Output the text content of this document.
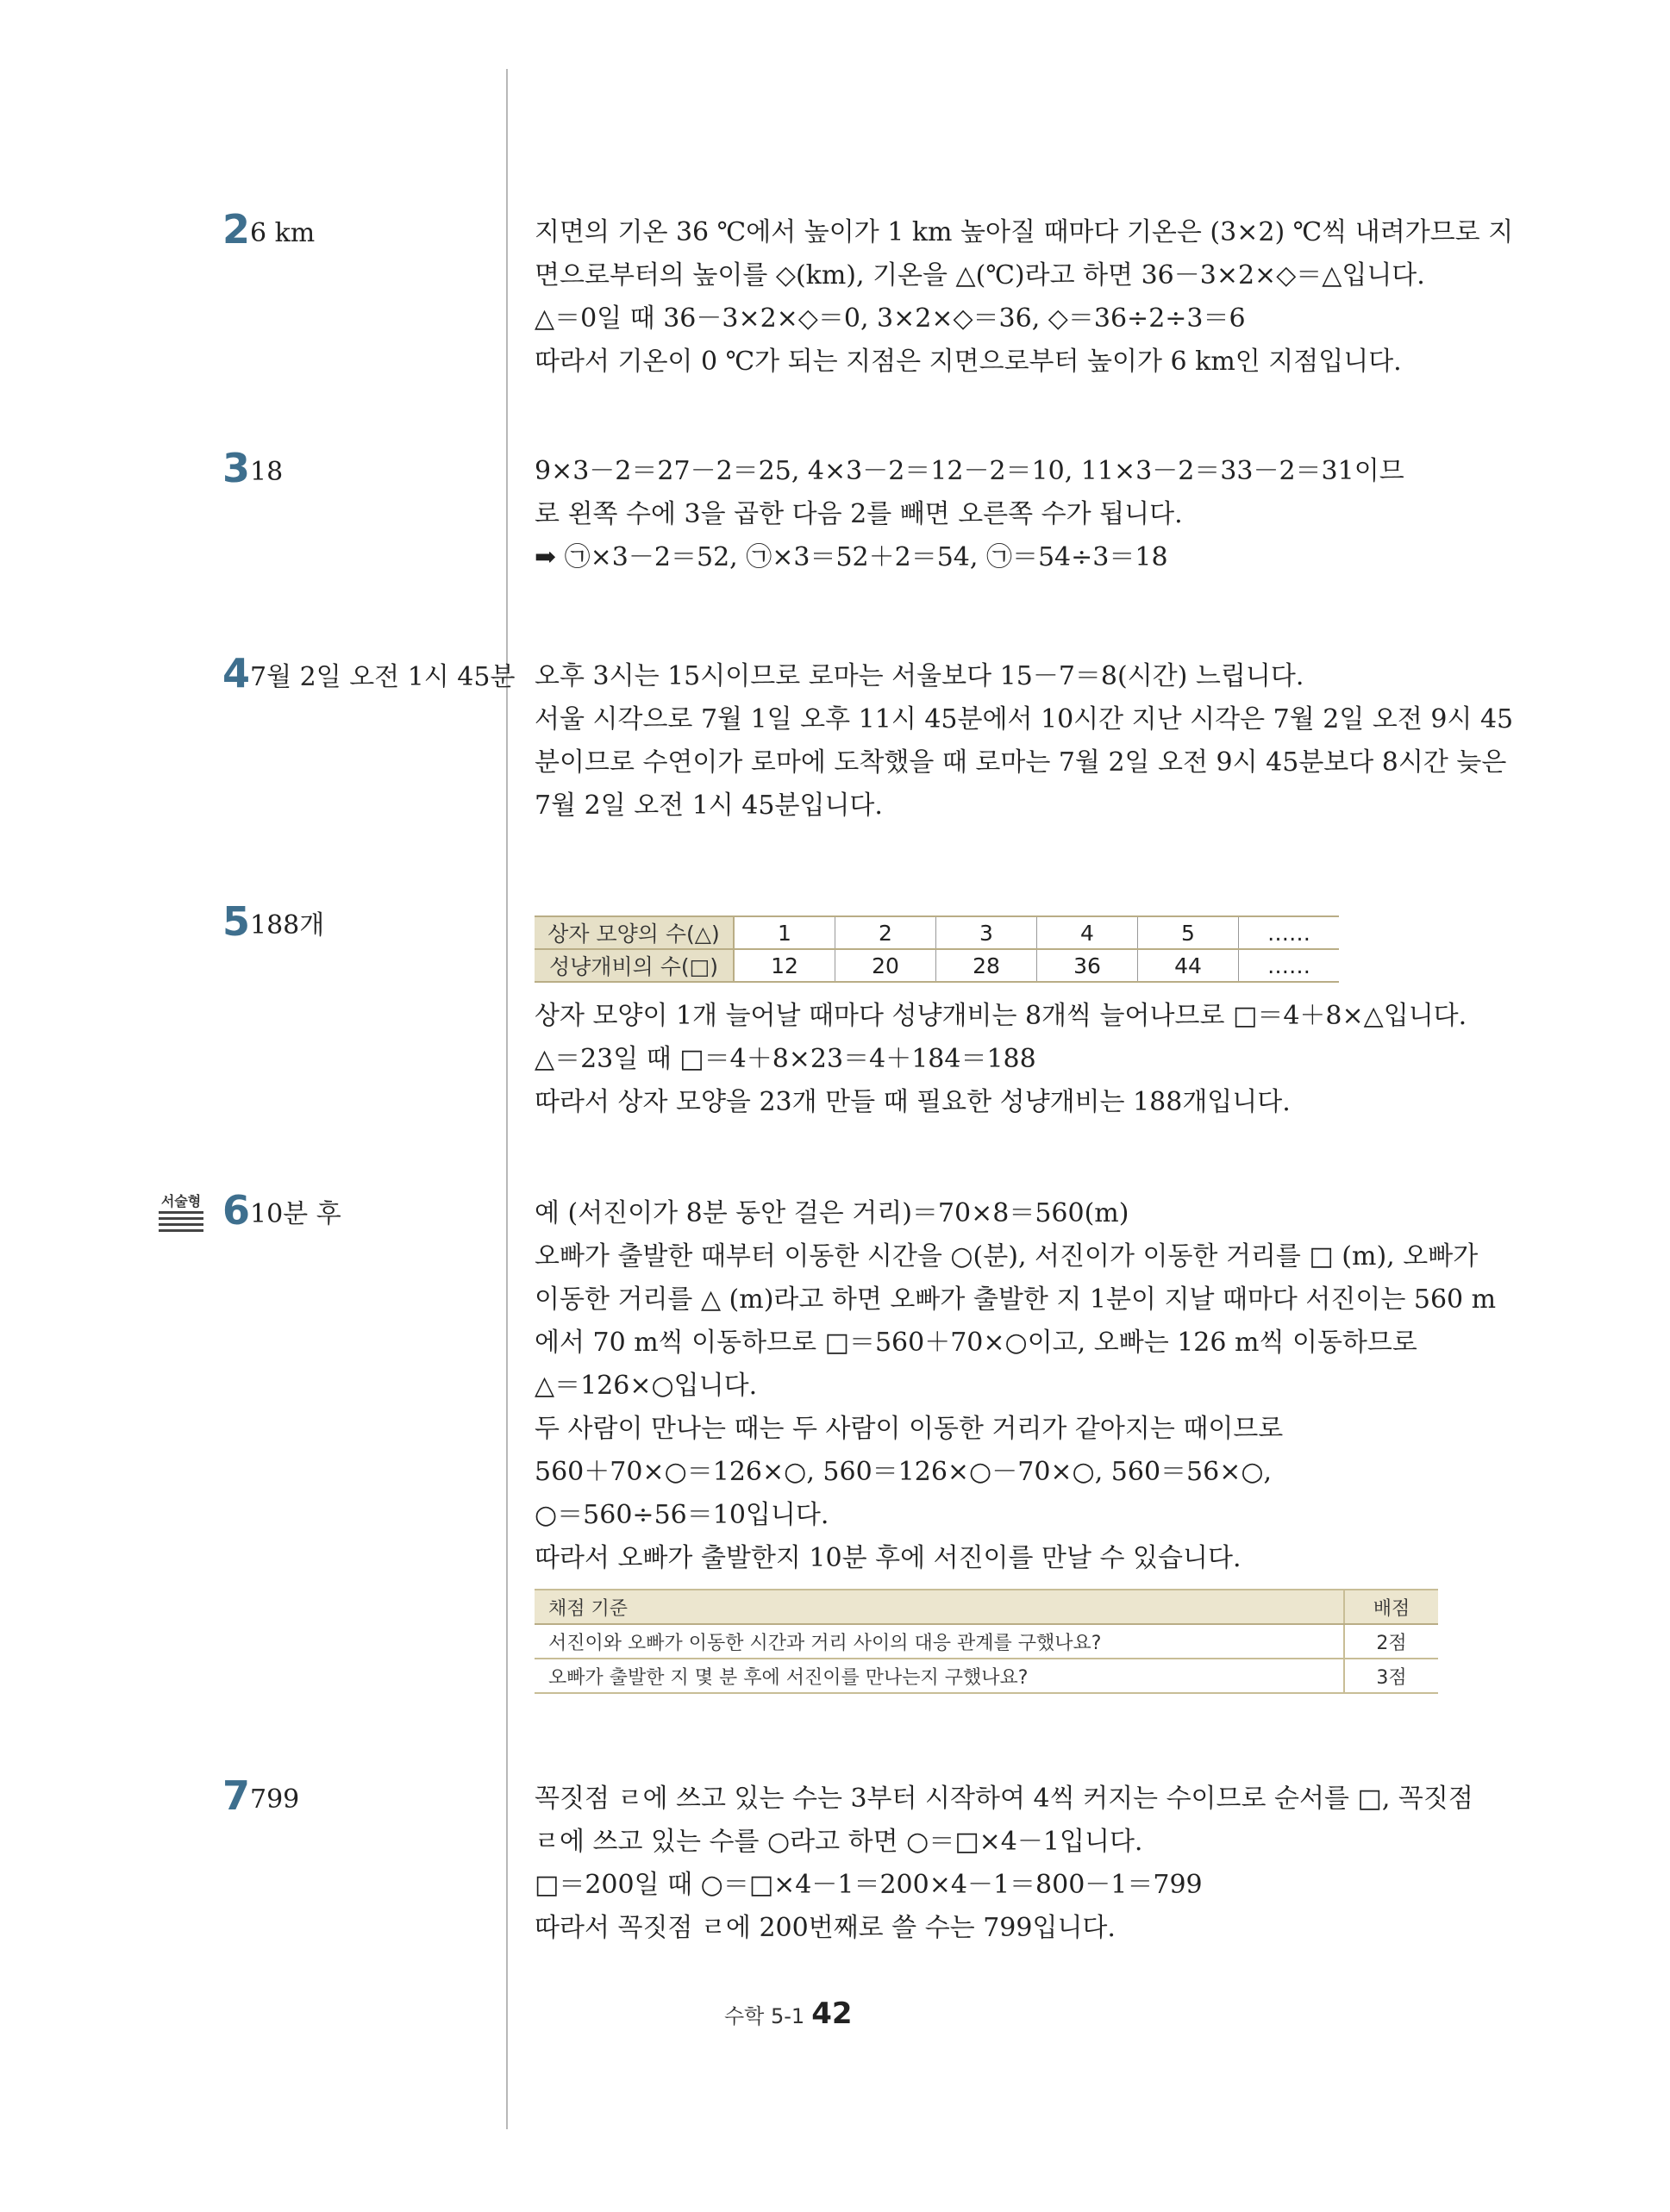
2 6 km	지면의 기온 36 ℃에서 높이가 1 km 높아질 때마다 기온은 (3×2) ℃씩 내려가므로 지
면으로부터의 높이를 ◇(km), 기온을 △(℃)라고 하면 36－3×2×◇＝△입니다.
△＝0일 때 36－3×2×◇＝0, 3×2×◇＝36, ◇＝36÷2÷3＝6
따라서 기온이 0 ℃가 되는 지점은 지면으로부터 높이가 6 km인 지점입니다.
3 18	9×3－2＝27－2＝25, 4×3－2＝12－2＝10, 11×3－2＝33－2＝31이므
로 왼쪽 수에 3을 곱한 다음 2를 빼면 오른쪽 수가 됩니다.
➡ ㉠×3－2＝52, ㉠×3＝52＋2＝54, ㉠＝54÷3＝18
4 7월 2일 오전 1시 45분 오후 3시는 15시이므로 로마는 서울보다 15－7＝8(시간) 느립니다.
서울 시각으로 7월 1일 오후 11시 45분에서 10시간 지난 시각은 7월 2일 오전 9시 45
분이므로 수연이가 로마에 도착했을 때 로마는 7월 2일 오전 9시 45분보다 8시간 늦은
7월 2일 오전 1시 45분입니다.
5 188개	상자 모양의 수(△)	1	2	3	4	5	……
성냥개비의 수(□)	12	20	28	36	44	……
상자 모양이 1개 늘어날 때마다 성냥개비는 8개씩 늘어나므로 □＝4＋8×△입니다.
△＝23일 때 □＝4＋8×23＝4＋184＝188
따라서 상자 모양을 23개 만들 때 필요한 성냥개비는 188개입니다.
서술형 6 10분 후	예 (서진이가 8분 동안 걸은 거리)＝70×8＝560(m)
오빠가 출발한 때부터 이동한 시간을 ○(분), 서진이가 이동한 거리를 □ (m), 오빠가
이동한 거리를 △ (m)라고 하면 오빠가 출발한 지 1분이 지날 때마다 서진이는 560 m
에서 70 m씩 이동하므로 □＝560＋70×○이고, 오빠는 126 m씩 이동하므로
△＝126×○입니다.
두 사람이 만나는 때는 두 사람이 이동한 거리가 같아지는 때이므로
560＋70×○＝126×○, 560＝126×○－70×○, 560＝56×○,
○＝560÷56＝10입니다.
따라서 오빠가 출발한지 10분 후에 서진이를 만날 수 있습니다.
채점 기준	배점
서진이와 오빠가 이동한 시간과 거리 사이의 대응 관계를 구했나요?	2점
오빠가 출발한 지 몇 분 후에 서진이를 만나는지 구했나요?	3점
7 799	꼭짓점 ㄹ에 쓰고 있는 수는 3부터 시작하여 4씩 커지는 수이므로 순서를 □, 꼭짓점
ㄹ에 쓰고 있는 수를 ○라고 하면 ○＝□×4－1입니다.
□＝200일 때 ○＝□×4－1＝200×4－1＝800－1＝799
따라서 꼭짓점 ㄹ에 200번째로 쓸 수는 799입니다.
수학 5-1 42
